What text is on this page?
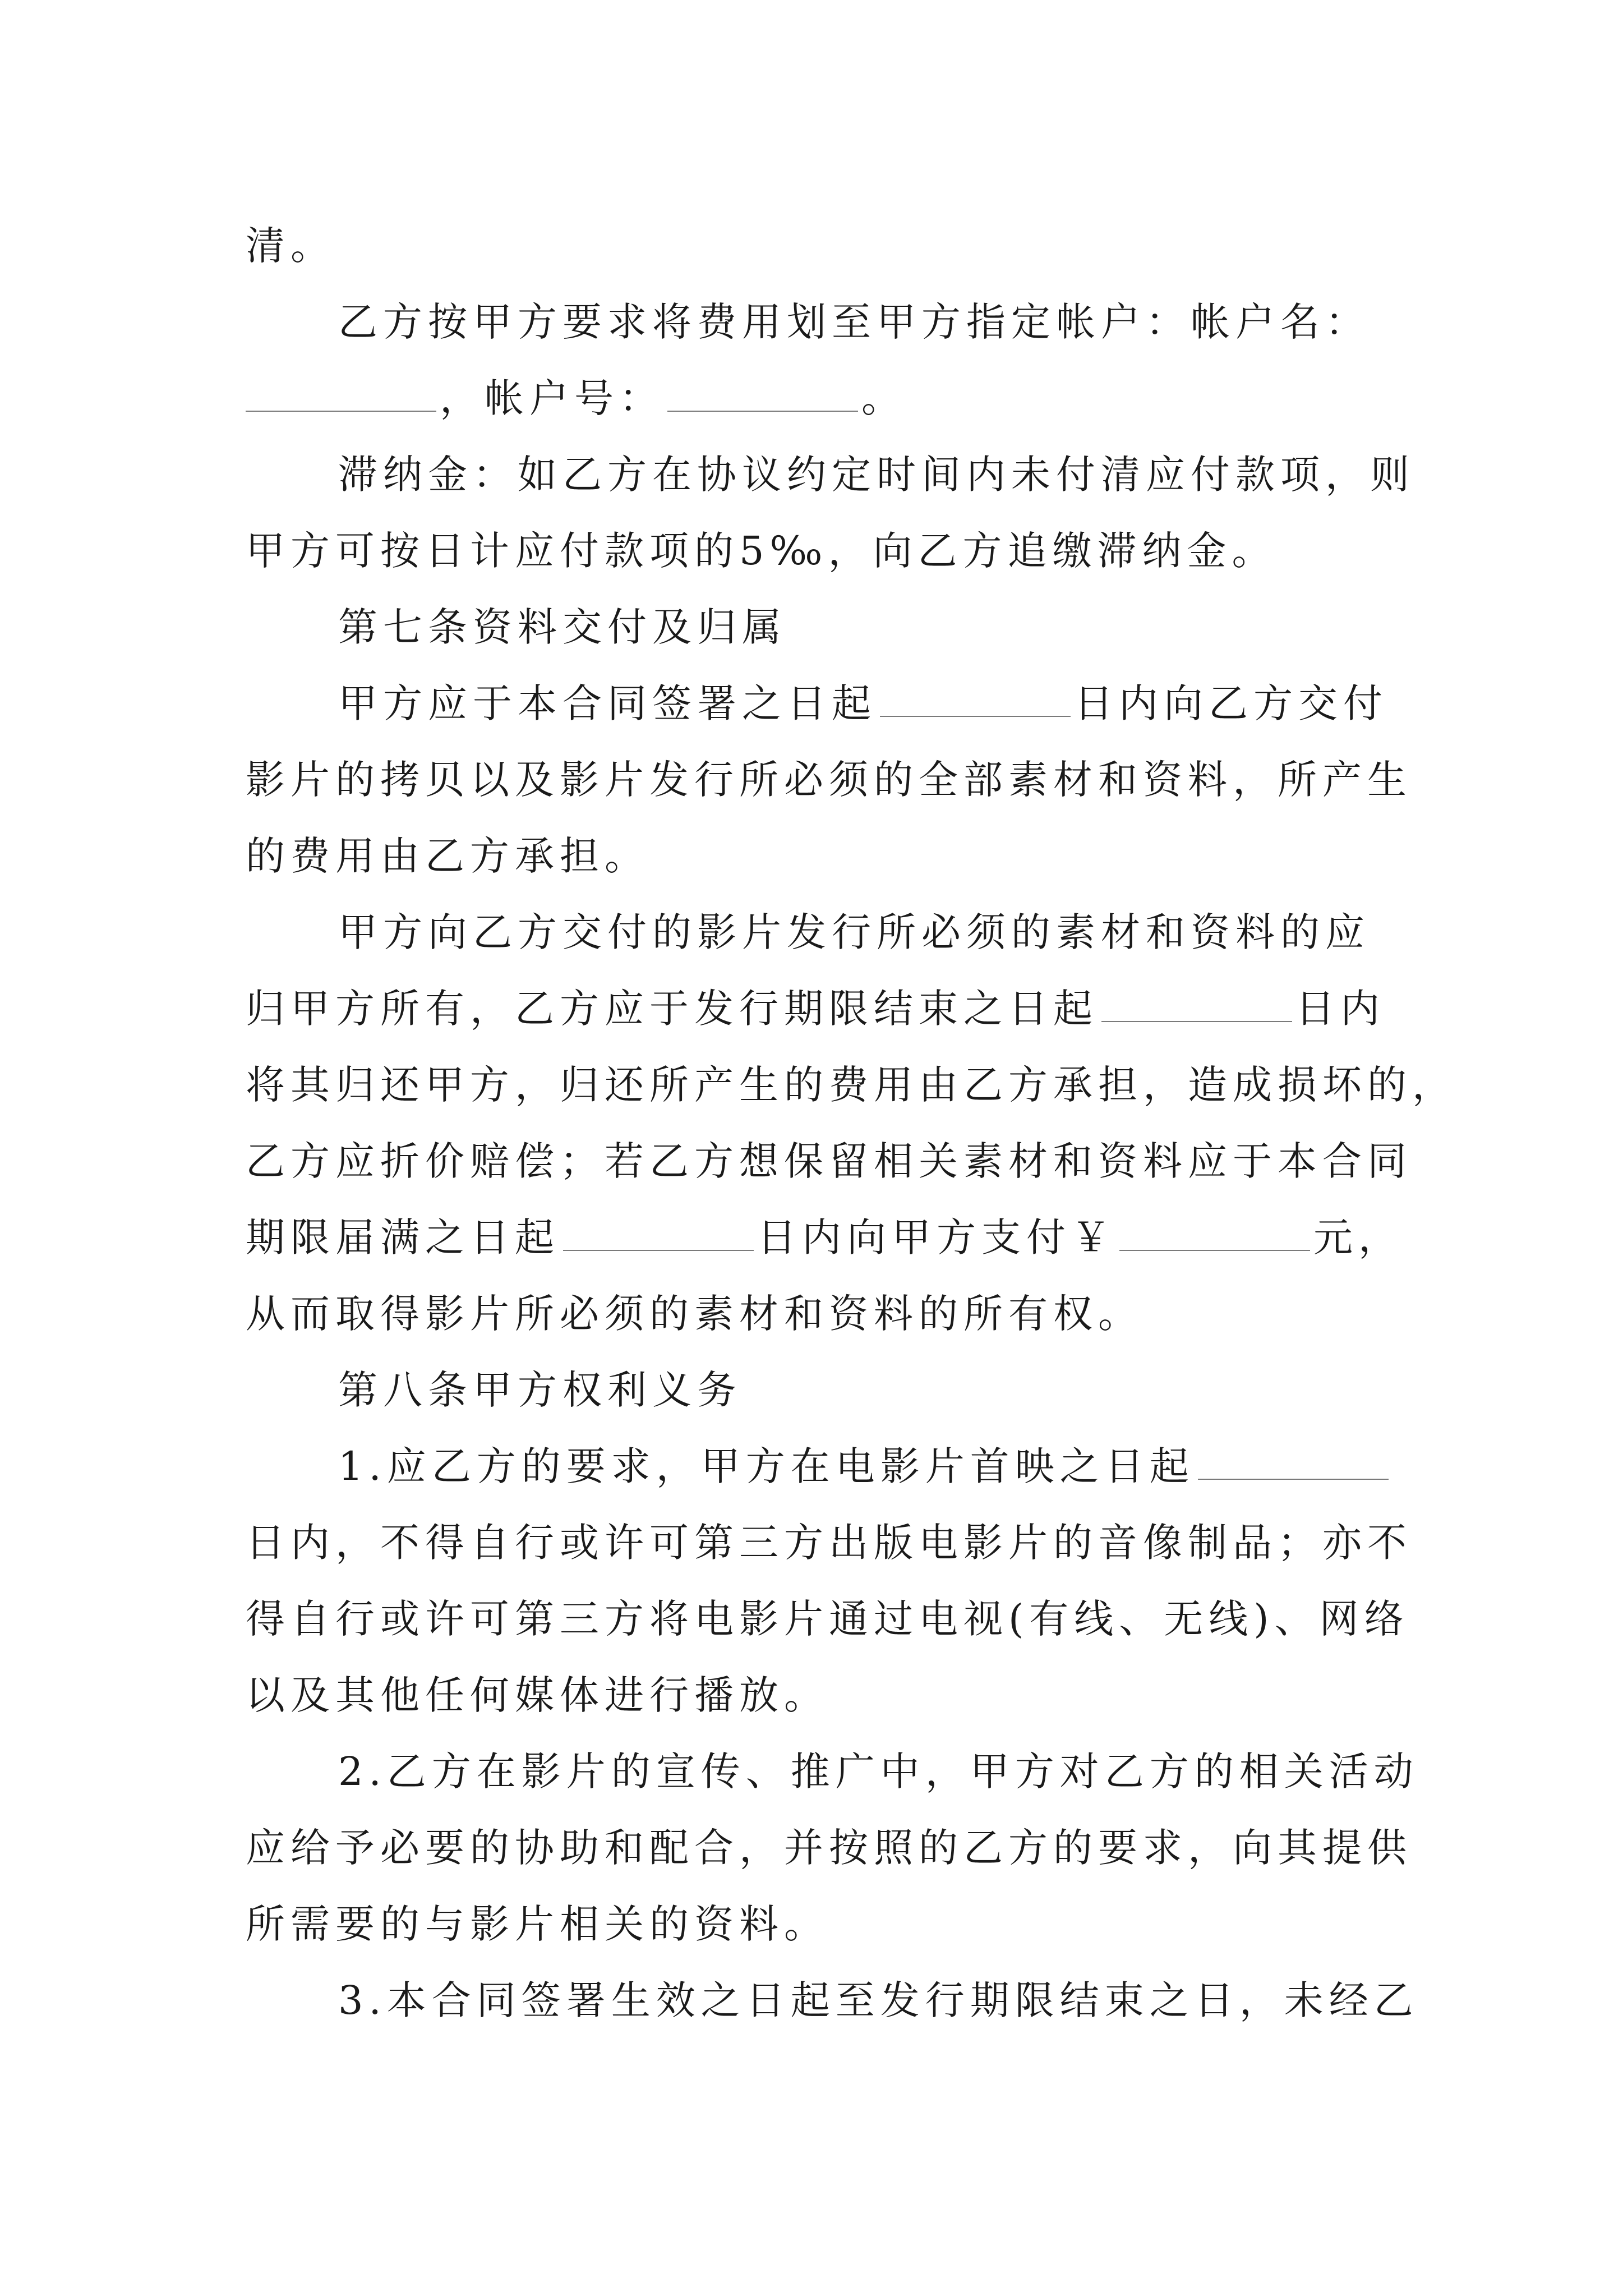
清。
乙方按甲方要求将费用划至甲方指定帐户：帐户名：
，帐户号：	。
滞纳金：如乙方在协议约定时间内未付清应付款项，则
甲方可按日计应付款项的5‰，向乙方追缴滞纳金。
第七条资料交付及归属
甲方应于本合同签署之日起	日内向乙方交付
影片的拷贝以及影片发行所必须的全部素材和资料，所产生
的费用由乙方承担。
甲方向乙方交付的影片发行所必须的素材和资料的应
归甲方所有，乙方应于发行期限结束之日起	日内
将其归还甲方，归还所产生的费用由乙方承担，造成损坏的，
乙方应折价赔偿；若乙方想保留相关素材和资料应于本合同
期限届满之日起	日内向甲方支付￥	元，
从而取得影片所必须的素材和资料的所有权。
第八条甲方权利义务
1.应乙方的要求，甲方在电影片首映之日起
日内，不得自行或许可第三方出版电影片的音像制品；亦不
得自行或许可第三方将电影片通过电视(有线、无线)、网络
以及其他任何媒体进行播放。
2.乙方在影片的宣传、推广中，甲方对乙方的相关活动
应给予必要的协助和配合，并按照的乙方的要求，向其提供
所需要的与影片相关的资料。
3.本合同签署生效之日起至发行期限结束之日，未经乙
